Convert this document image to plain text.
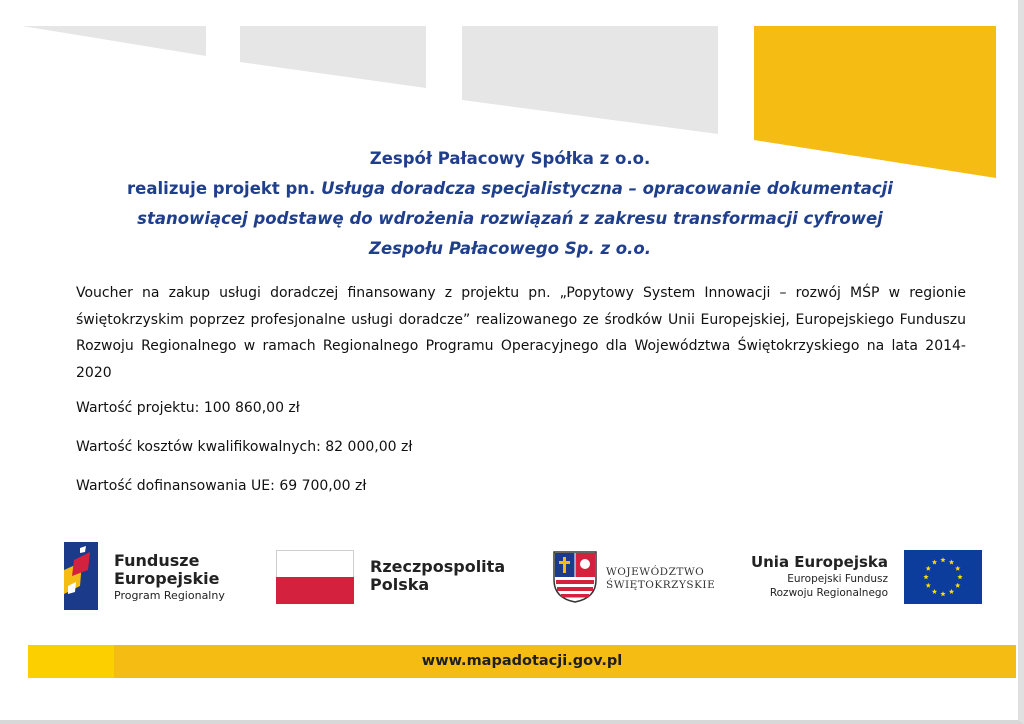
Zespół Pałacowy Spółka z o.o.
realizuje projekt pn. Usługa doradcza specjalistyczna – opracowanie dokumentacji
stanowiącej podstawę do wdrożenia rozwiązań z zakresu transformacji cyfrowej
Zespołu Pałacowego Sp. z o.o.
Voucher na zakup usługi doradczej finansowany z projektu pn. „Popytowy System Innowacji – rozwój MŚP w regionie świętokrzyskim poprzez profesjonalne usługi doradcze” realizowanego ze środków Unii Europejskiej, Europejskiego Funduszu Rozwoju Regionalnego w ramach Regionalnego Programu Operacyjnego dla Województwa Świętokrzyskiego na lata 2014-2020
Wartość projektu: 100 860,00 zł
Wartość kosztów kwalifikowalnych: 82 000,00 zł
Wartość dofinansowania UE: 69 700,00 zł
Fundusze
Europejskie
Program Regionalny
Rzeczpospolita
Polska
WOJEWÓDZTWO
ŚWIĘTOKRZYSKIE
Unia Europejska
Europejski Fundusz
Rozwoju Regionalnego
www.mapadotacji.gov.pl
